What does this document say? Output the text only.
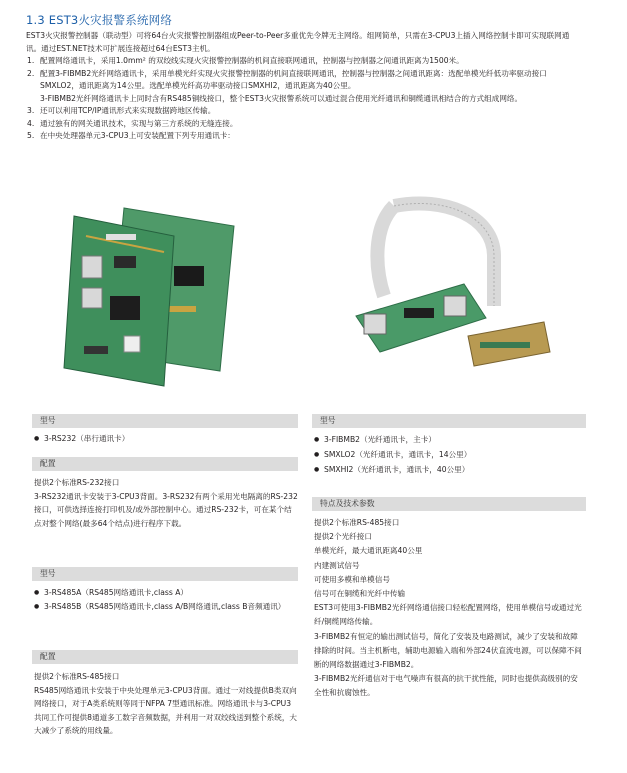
1.3 EST3火灾报警系统网络

EST3火灾报警控制器（联动型）可将64台火灾报警控制器组成Peer-to-Peer多重优先令牌无主网络。组网简单，只需在3-CPU3上插入网络控制卡即可实现联网通讯。通过EST.NET技术可扩展连接超过64台EST3主机。

1. 配置网络通讯卡，采用1.0mm² 的双绞线实现火灾报警控制器的机间直接联网通讯，控制器与控制器之间通讯距离为1500米。
2. 配置3-FIBMB2光纤网络通讯卡，采用单模光纤实现火灾报警控制器的机间直接联网通讯，控制器与控制器之间通讯距离：选配单模光纤低功率驱动接口SMXLO2，通讯距离为14公里。选配单模光纤高功率驱动接口SMXHI2，通讯距离为40公里。
3-FIBMB2光纤网络通讯卡上同时含有RS485铜线接口，整个EST3火灾报警系统可以通过混合使用光纤通讯和铜缆通讯相结合的方式组成网络。
3. 还可以利用TCP/IP通讯形式来实现数据跨地区传输。
4. 通过独有的网关通讯技术，实现与第三方系统的无缝连接。
5. 在中央处理器单元3-CPU3上可安装配置下列专用通讯卡：
型号
● 3-RS232（串行通讯卡）
配置
提供2个标准RS-232接口
3-RS232通讯卡安装于3-CPU3背面。3-RS232有两个采用光电隔离的RS-232接口，可供选择连接打印机及/或外部控制中心。通过RS-232卡，可在某个结点对整个网络(最多64个结点)进行程序下载。
型号
● 3-RS485A（RS485网络通讯卡,class A）
● 3-RS485B（RS485网络通讯卡,class A/B网络通讯,class B音频通讯）
配置
提供2个标准RS-485接口
RS485网络通讯卡安装于中央处理单元3-CPU3背面。通过一对线提供B类双向网络接口，对于A类系统则等同于NFPA 7型通讯标准。网络通讯卡与3-CPU3共同工作可提供8通道多工数字音频数据，并利用一对双绞线送到整个系统，大大减少了系统的用线量。
型号
● 3-FIBMB2（光纤通讯卡，主卡）
● SMXLO2（光纤通讯卡，通讯卡，14公里）
● SMXHI2（光纤通讯卡，通讯卡，40公里）
特点及技术参数
提供2个标准RS-485接口
提供2个光纤接口
单模光纤，最大通讯距离40公里
内建测试信号
可使用多模和单模信号
信号可在铜缆和光纤中传输
EST3可使用3-FIBMB2光纤网络通信接口轻松配置网络，使用单模信号或通过光纤/铜缆网络传输。
3-FIBMB2有恒定的输出测试信号，简化了安装及电路测试，减少了安装和故障排除的时间。当主机断电，辅助电源输入端和外部24伏直流电源，可以保障不间断的网络数据通过3-FIBMB2。
3-FIBMB2光纤通信对于电气噪声有很高的抗干扰性能，同时也提供高级别的安全性和抗腐蚀性。
